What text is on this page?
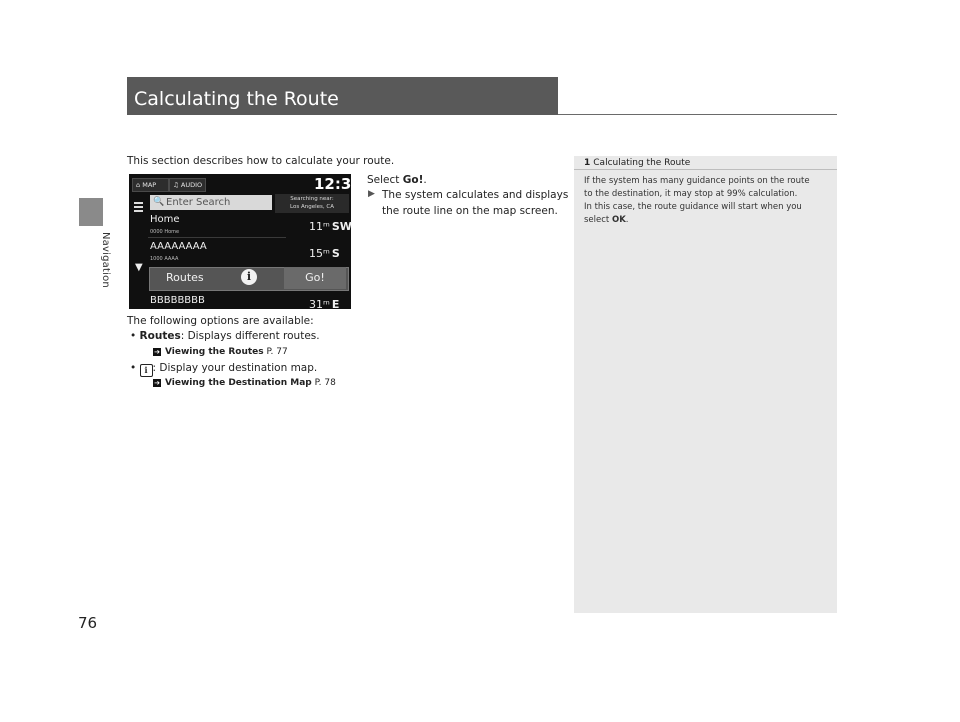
Navigation
Calculating the Route
This section describes how to calculate your route.
⌂ MAP	♫ AUDIO	12:34
🔍 Enter Search	Searching near:
Los Angeles, CA
Home
0000 Home	11ᵐ SW
AAAAAAAA
1000 AAAA	15ᵐ S
▼
Routes	i	Go!
BBBBBBBB	31ᵐ E
Select Go!.
▶ The system calculates and displays
the route line on the map screen.
The following options are available:
• Routes: Displays different routes.
➔ Viewing the Routes P. 77
• i : Display your destination map.
➔ Viewing the Destination Map P. 78
1 Calculating the Route
If the system has many guidance points on the route
to the destination, it may stop at 99% calculation.
In this case, the route guidance will start when you
select OK.
76
